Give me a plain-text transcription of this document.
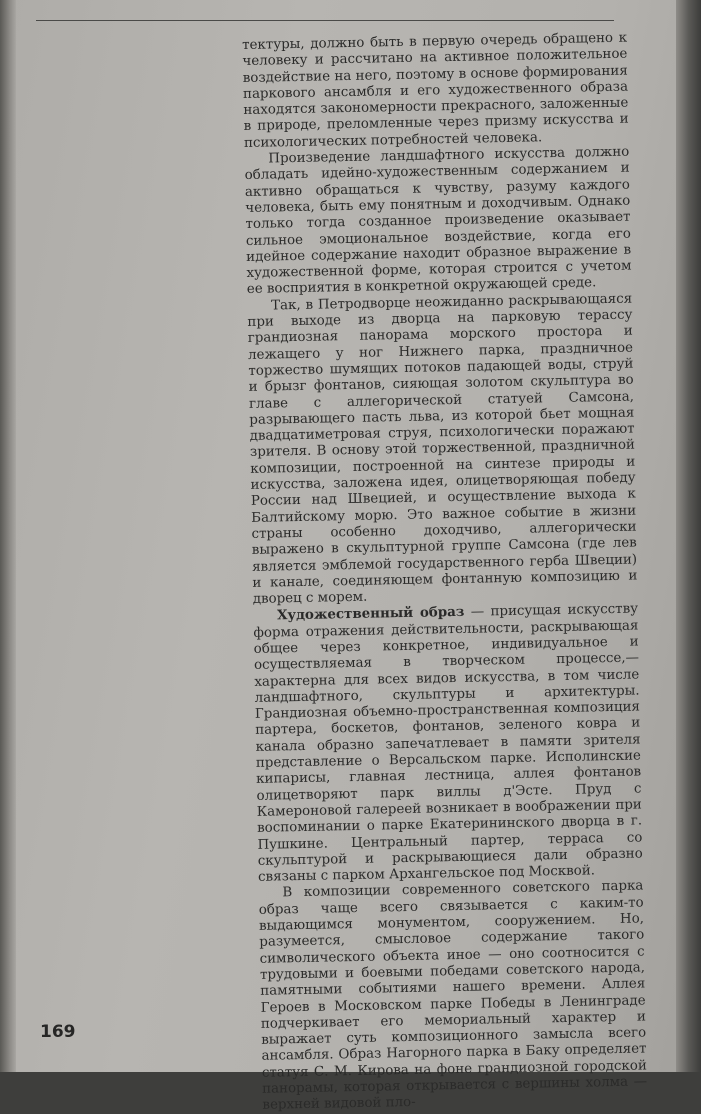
тектуры, должно быть в первую очередь обращено к человеку и рассчитано на активное положительное воздействие на него, поэтому в основе формирования паркового ансамбля и его художественного образа находятся закономерности прекрасного, заложенные в природе, преломленные через призму искусства и психологических потребностей человека.

Произведение ландшафтного искусства должно обладать идейно-художественным содержанием и активно обращаться к чувству, разуму каждого человека, быть ему понятным и доходчивым. Однако только тогда созданное произведение оказывает сильное эмоциональное воздействие, когда его идейное содержание находит образное выражение в художественной форме, которая строится с учетом ее восприятия в конкретной окружающей среде.

Так, в Петродворце неожиданно раскрывающаяся при выходе из дворца на парковую терассу грандиозная панорама морского простора и лежащего у ног Нижнего парка, праздничное торжество шумящих потоков падающей воды, струй и брызг фонтанов, сияющая золотом скульптура во главе с аллегорической статуей Самсона, разрывающего пасть льва, из которой бьет мощная двадцатиметровая струя, психологически поражают зрителя. В основу этой торжественной, праздничной композиции, построенной на синтезе природы и искусства, заложена идея, олицетворяющая победу России над Швецией, и осуществление выхода к Балтийскому морю. Это важное событие в жизни страны особенно доходчиво, аллегорически выражено в скульптурной группе Самсона (где лев является эмблемой государственного герба Швеции) и канале, соединяющем фонтанную композицию и дворец с морем.

Художественный образ — присущая искусству форма отражения действительности, раскрывающая общее через конкретное, индивидуальное и осуществляемая в творческом процессе,— характерна для всех видов искусства, в том числе ландшафтного, скульптуры и архитектуры. Грандиозная объемно-пространственная композиция партера, боскетов, фонтанов, зеленого ковра и канала образно запечатлевает в памяти зрителя представление о Версальском парке. Исполинские кипарисы, главная лестница, аллея фонтанов олицетворяют парк виллы д'Эсте. Пруд с Камероновой галереей возникает в воображении при воспоминании о парке Екатерининского дворца в г. Пушкине. Центральный партер, терраса со скульптурой и раскрывающиеся дали образно связаны с парком Архангельское под Москвой.

В композиции современного советского парка образ чаще всего связывается с каким-то выдающимся монументом, сооружением. Но, разумеется, смысловое содержание такого символического объекта иное — оно соотносится с трудовыми и боевыми победами советского народа, памятными событиями нашего времени. Аллея Героев в Московском парке Победы в Ленинграде подчеркивает его мемориальный характер и выражает суть композиционного замысла всего ансамбля. Образ Нагорного парка в Баку определяет статуя С. М. Кирова на фоне грандиозной городской панорамы, которая открывается с вершины холма — верхней видовой пло-

169
